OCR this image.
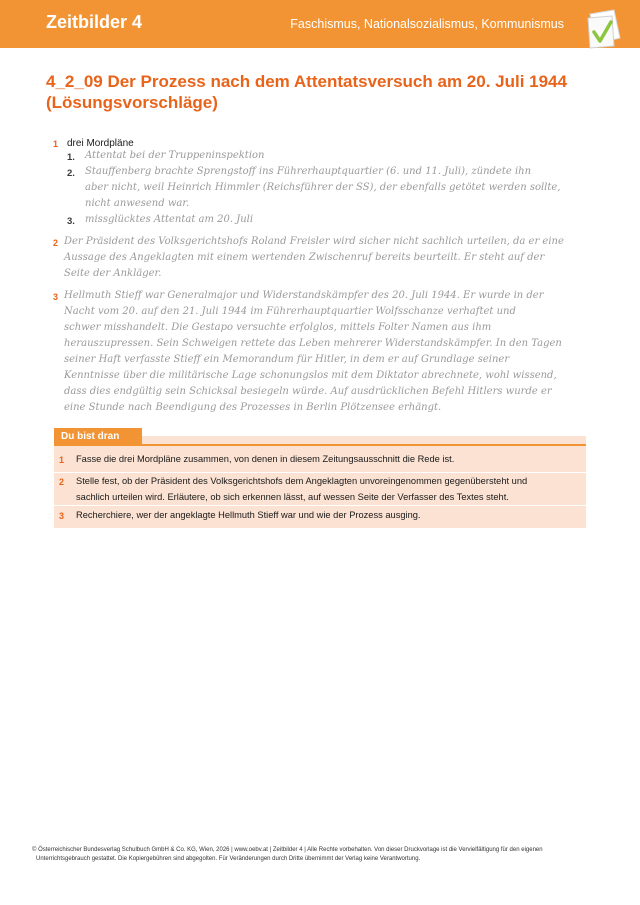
Zeitbilder 4	Faschismus, Nationalsozialismus, Kommunismus
4_2_09 Der Prozess nach dem Attentatsversuch am 20. Juli 1944
(Lösungsvorschläge)
1 drei Mordpläne
1. Attentat bei der Truppeninspektion
2. Stauffenberg brachte Sprengstoff ins Führerhauptquartier (6. und 11. Juli), zündete ihn
aber nicht, weil Heinrich Himmler (Reichsführer der SS), der ebenfalls getötet werden sollte,
nicht anwesend war.
3. missglücktes Attentat am 20. Juli
2 Der Präsident des Volksgerichtshofs Roland Freisler wird sicher nicht sachlich urteilen, da er eine
Aussage des Angeklagten mit einem wertenden Zwischenruf bereits beurteilt. Er steht auf der
Seite der Ankläger.
3 Hellmuth Stieff war Generalmajor und Widerstandskämpfer des 20. Juli 1944. Er wurde in der
Nacht vom 20. auf den 21. Juli 1944 im Führerhauptquartier Wolfsschanze verhaftet und
schwer misshandelt. Die Gestapo versuchte erfolglos, mittels Folter Namen aus ihm
herauszupressen. Sein Schweigen rettete das Leben mehrerer Widerstandskämpfer. In den Tagen
seiner Haft verfasste Stieff ein Memorandum für Hitler, in dem er auf Grundlage seiner
Kenntnisse über die militärische Lage schonungslos mit dem Diktator abrechnete, wohl wissend,
dass dies endgültig sein Schicksal besiegeln würde. Auf ausdrücklichen Befehl Hitlers wurde er
eine Stunde nach Beendigung des Prozesses in Berlin Plötzensee erhängt.
Du bist dran
1 Fasse die drei Mordpläne zusammen, von denen in diesem Zeitungsausschnitt die Rede ist.
2 Stelle fest, ob der Präsident des Volksgerichtshofs dem Angeklagten unvoreingenommen gegenübersteht und
sachlich urteilen wird. Erläutere, ob sich erkennen lässt, auf wessen Seite der Verfasser des Textes steht.
3 Recherchiere, wer der angeklagte Hellmuth Stieff war und wie der Prozess ausging.
© Österreichischer Bundesverlag Schulbuch GmbH & Co. KG, Wien, 2026 | www.oebv.at | Zeitbilder 4 | Alle Rechte vorbehalten. Von dieser Druckvorlage ist die Vervielfältigung für den eigenen
Unterrichtsgebrauch gestattet. Die Kopiergebühren sind abgegolten. Für Veränderungen durch Dritte übernimmt der Verlag keine Verantwortung.
